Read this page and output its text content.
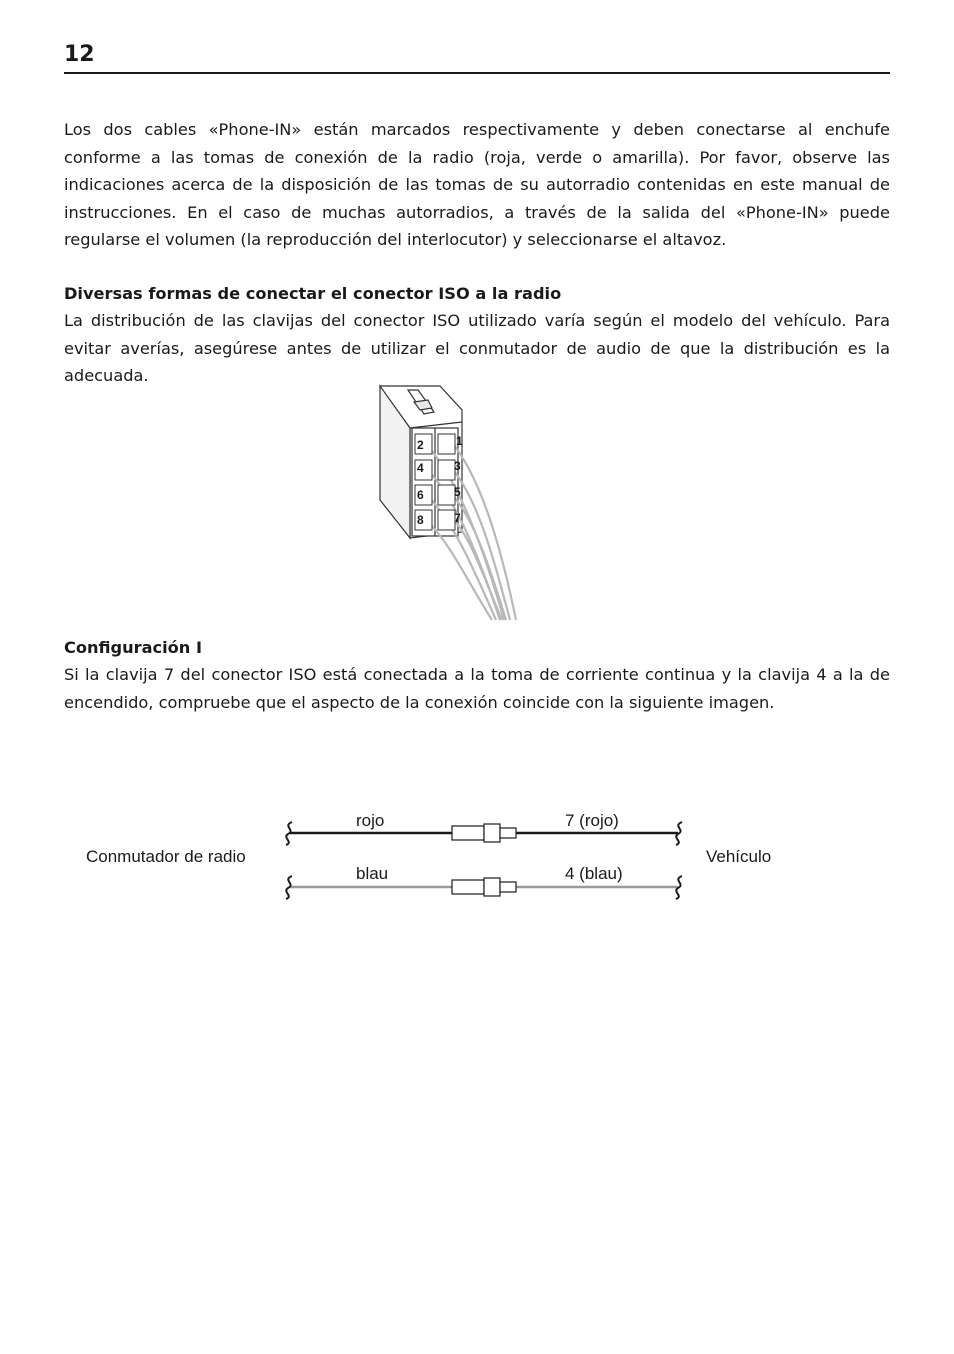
12

Los dos cables «Phone-IN» están marcados respectivamente y deben conectarse al enchufe conforme a las tomas de conexión de la radio (roja, verde o amarilla). Por favor, observe las indicaciones acerca de la disposición de las tomas de su autorradio contenidas en este manual de instrucciones. En el caso de muchas autorradios, a través de la salida del «Phone-IN» puede regularse el volumen (la reproducción del interlocutor) y seleccionarse el altavoz.

Diversas formas de conectar el conector ISO a la radio

La distribución de las clavijas del conector ISO utilizado varía según el modelo del vehículo. Para evitar averías, asegúrese antes de utilizar el conmutador de audio de que la distribución es la adecuada.

2	1
4	3
6	5
8	7
Configuración I

Si la clavija 7 del conector ISO está conectada a la toma de corriente continua y la clavija 4 a la de encendido, compruebe que el aspecto de la conexión coincide con la siguiente imagen.

Conmutador de radio	Vehículo
rojo	7 (rojo)
blau	4 (blau)
